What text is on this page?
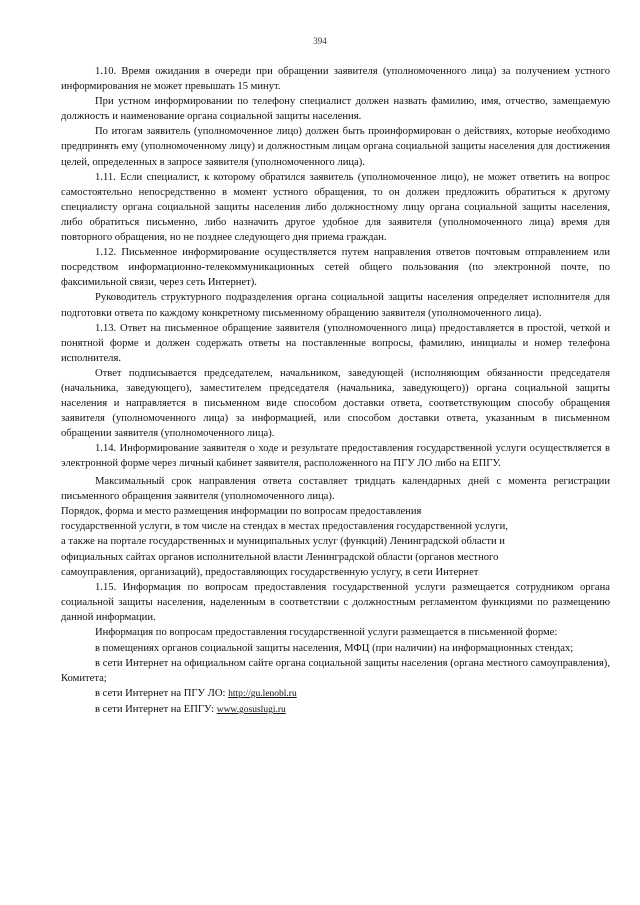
394

1.10. Время ожидания в очереди при обращении заявителя (уполномоченного лица) за получением устного информирования не может превышать 15 минут.

При устном информировании по телефону специалист должен назвать фамилию, имя, отчество, замещаемую должность и наименование органа социальной защиты населения.

По итогам заявитель (уполномоченное лицо) должен быть проинформирован о действиях, которые необходимо предпринять ему (уполномоченному лицу) и должностным лицам органа социальной защиты населения для достижения целей, определенных в запросе заявителя (уполномоченного лица).

1.11. Если специалист, к которому обратился заявитель (уполномоченное лицо), не может ответить на вопрос самостоятельно непосредственно в момент устного обращения, то он должен предложить обратиться к другому специалисту органа социальной защиты населения либо должностному лицу органа социальной защиты населения, либо обратиться письменно, либо назначить другое удобное для заявителя (уполномоченного лица) время для повторного обращения, но не позднее следующего дня приема граждан.

1.12. Письменное информирование осуществляется путем направления ответов почтовым отправлением или посредством информационно-телекоммуникационных сетей общего пользования (по электронной почте, по факсимильной связи, через сеть Интернет).

Руководитель структурного подразделения органа социальной защиты населения определяет исполнителя для подготовки ответа по каждому конкретному письменному обращению заявителя (уполномоченного лица).

1.13. Ответ на письменное обращение заявителя (уполномоченного лица) предоставляется в простой, четкой и понятной форме и должен содержать ответы на поставленные вопросы, фамилию, инициалы и номер телефона исполнителя.

Ответ подписывается председателем, начальником, заведующей (исполняющим обязанности председателя (начальника, заведующего), заместителем председателя (начальника, заведующего)) органа социальной защиты населения и направляется в письменном виде способом доставки ответа, соответствующим способу обращения заявителя (уполномоченного лица) за информацией, или способом доставки ответа, указанным в письменном обращении заявителя (уполномоченного лица).

1.14. Информирование заявителя о ходе и результате предоставления государственной услуги осуществляется в электронной форме через личный кабинет заявителя, расположенного на ПГУ ЛО либо на ЕПГУ.

Максимальный срок направления ответа составляет тридцать календарных дней с момента регистрации письменного обращения заявителя (уполномоченного лица).

Порядок, форма и место размещения информации по вопросам предоставления
государственной услуги, в том числе на стендах в местах предоставления государственной услуги,
а также на портале государственных и муниципальных услуг (функций) Ленинградской области и
официальных сайтах органов исполнительной власти Ленинградской области (органов местного
самоуправления, организаций), предоставляющих государственную услугу, в сети Интернет

1.15. Информация по вопросам предоставления государственной услуги размещается сотрудником органа социальной защиты населения, наделенным в соответствии с должностным регламентом функциями по размещению данной информации.

Информация по вопросам предоставления государственной услуги размещается в письменной форме:

в помещениях органов социальной защиты населения, МФЦ (при наличии) на информационных стендах;

в сети Интернет на официальном сайте органа социальной защиты населения (органа местного самоуправления), Комитета;

в сети Интернет на ПГУ ЛО: http://gu.lenobl.ru

в сети Интернет на ЕПГУ: www.gosuslugi.ru
